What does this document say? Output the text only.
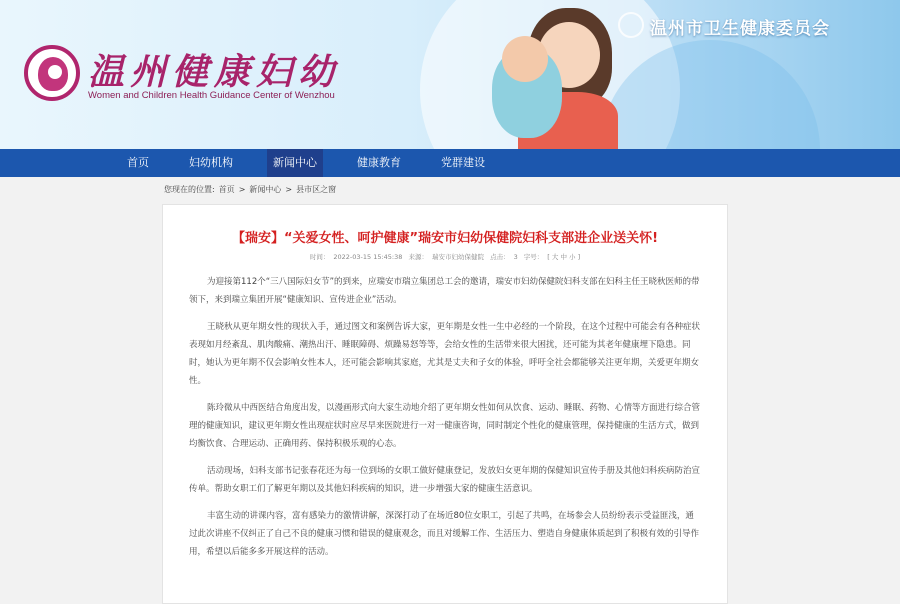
温州健康妇幼
Women and Children Health Guidance Center of Wenzhou
温州市卫生健康委员会
首页	妇幼机构	新闻中心	健康教育	党群建设
您现在的位置: 首页 > 新闻中心 > 县市区之窗
【瑞安】“关爱女性、呵护健康”瑞安市妇幼保健院妇科支部进企业送关怀!
时间： 2022-03-15 15:45:38 来源： 瑞安市妇幼保健院 点击： 3 字号： [ 大 中 小 ]

为迎接第112个“三八国际妇女节”的到来，应瑞安市瑞立集团总工会的邀请，瑞安市妇幼保健院妇科支部在妇科主任王晓秋医师的带领下，来到瑞立集团开展“健康知识、宣传进企业”活动。

王晓秋从更年期女性的现状入手，通过图文和案例告诉大家，更年期是女性一生中必经的一个阶段，在这个过程中可能会有各种症状表现如月经紊乱、肌肉酸痛、潮热出汗、睡眠障碍、烦躁易怒等等，会给女性的生活带来很大困扰，还可能为其老年健康埋下隐患。同时，她认为更年期不仅会影响女性本人，还可能会影响其家庭，尤其是丈夫和子女的体验，呼吁全社会都能够关注更年期，关爱更年期女性。

陈玲微从中西医结合角度出发，以漫画形式向大家生动地介绍了更年期女性如何从饮食、运动、睡眠、药物、心情等方面进行综合管理的健康知识，建议更年期女性出现症状时应尽早来医院进行一对一健康咨询，同时制定个性化的健康管理，保持健康的生活方式，做到均衡饮食、合理运动、正确用药、保持积极乐观的心态。

活动现场，妇科支部书记张春花还为每一位到场的女职工做好健康登记，发放妇女更年期的保健知识宣传手册及其他妇科疾病防治宣传单。帮助女职工们了解更年期以及其他妇科疾病的知识，进一步增强大家的健康生活意识。

丰富生动的讲课内容，富有感染力的激情讲解，深深打动了在场近80位女职工，引起了共鸣，在场参会人员纷纷表示受益匪浅，通过此次讲座不仅纠正了自己不良的健康习惯和错误的健康观念，而且对缓解工作、生活压力、塑造自身健康体质起到了积极有效的引导作用，希望以后能多多开展这样的活动。
